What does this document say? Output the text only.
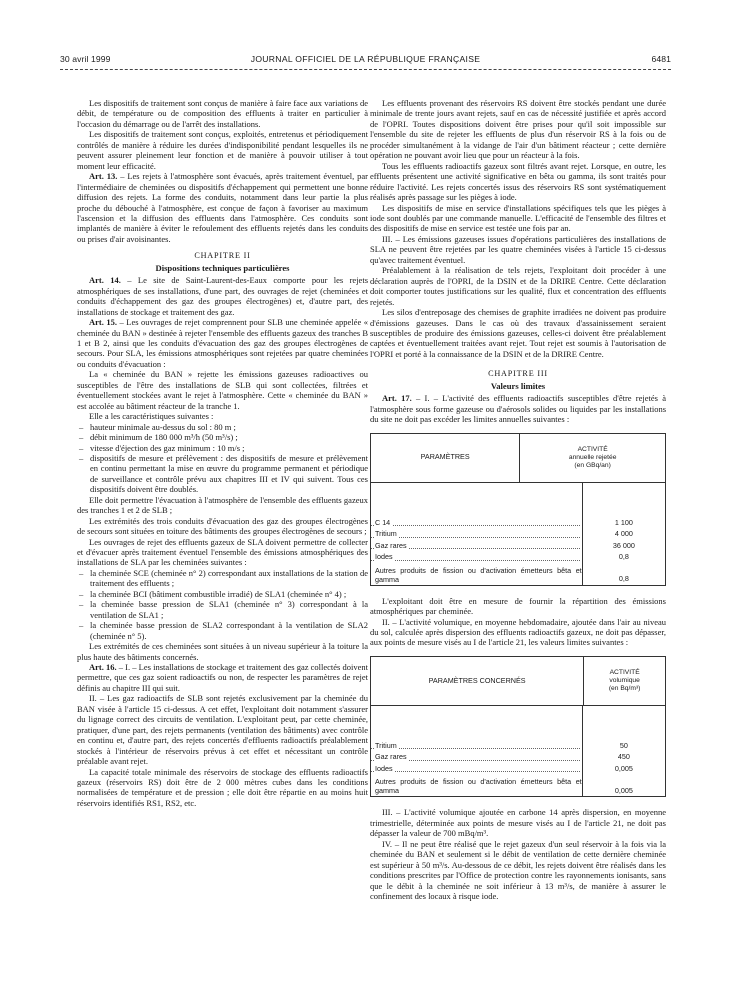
30 avril 1999	JOURNAL OFFICIEL DE LA RÉPUBLIQUE FRANÇAISE	6481

Les dispositifs de traitement sont conçus de manière à faire face aux variations de débit, de température ou de composition des effluents à traiter en particulier à l'occasion du démarrage ou de l'arrêt des installations.

Les dispositifs de traitement sont conçus, exploités, entretenus et périodiquement contrôlés de manière à réduire les durées d'indisponibilité pendant lesquelles ils ne peuvent assurer pleinement leur fonction et de manière à pouvoir utiliser à tout moment leur efficacité.

Art. 13. – Les rejets à l'atmosphère sont évacués, après traitement éventuel, par l'intermédiaire de cheminées ou dispositifs d'échappement qui permettent une bonne diffusion des rejets. La forme des conduits, notamment dans leur partie la plus proche du débouché à l'atmosphère, est conçue de façon à favoriser au maximum l'ascension et la diffusion des effluents dans l'atmosphère. Ces conduits sont implantés de manière à éviter le refoulement des effluents rejetés dans les conduits ou prises d'air avoisinantes.

CHAPITRE II
Dispositions techniques particulières

Art. 14. – Le site de Saint-Laurent-des-Eaux comporte pour les rejets atmosphériques de ses installations, d'une part, des ouvrages de rejet (cheminées et conduits d'échappement des gaz des groupes électrogènes) et, d'autre part, des installations de stockage et traitement des gaz.

Art. 15. – Les ouvrages de rejet comprennent pour SLB une cheminée appelée « cheminée du BAN » destinée à rejeter l'ensemble des effluents gazeux des tranches B 1 et B 2, ainsi que les conduits d'évacuation des gaz des groupes électrogènes de secours. Pour SLA, les émissions atmosphériques sont rejetées par quatre cheminées ou conduits d'évacuation :

La « cheminée du BAN » rejette les émissions gazeuses radioactives ou susceptibles de l'être des installations de SLB qui sont collectées, filtrées et éventuellement stockées avant le rejet à l'atmosphère. Cette « cheminée du BAN » est accolée au bâtiment réacteur de la tranche 1.

Elle a les caractéristiques suivantes :

– hauteur minimale au-dessus du sol : 80 m ;
– débit minimum de 180 000 m³/h (50 m³/s) ;
– vitesse d'éjection des gaz minimum : 10 m/s ;
– dispositifs de mesure et prélèvement : des dispositifs de mesure et prélèvement en continu permettant la mise en œuvre du programme permanent et périodique de surveillance et contrôle prévu aux chapitres III et IV qui suivent. Tous ces dispositifs doivent être doublés.

Elle doit permettre l'évacuation à l'atmosphère de l'ensemble des effluents gazeux des tranches 1 et 2 de SLB ;

Les extrémités des trois conduits d'évacuation des gaz des groupes électrogènes de secours sont situées en toiture des bâtiments des groupes électrogènes de secours ;

Les ouvrages de rejet des effluents gazeux de SLA doivent permettre de collecter et d'évacuer après traitement éventuel l'ensemble des émissions atmosphériques des installations de SLA par les cheminées suivantes :

– la cheminée SCE (cheminée n° 2) correspondant aux installations de la station de traitement des effluents ;
– la cheminée BCI (bâtiment combustible irradié) de SLA1 (cheminée n° 4) ;
– la cheminée basse pression de SLA1 (cheminée n° 3) correspondant à la ventilation de SLA1 ;
– la cheminée basse pression de SLA2 correspondant à la ventilation de SLA2 (cheminée n° 5).

Les extrémités de ces cheminées sont situées à un niveau supérieur à la toiture la plus haute des bâtiments concernés.

Art. 16. – I. – Les installations de stockage et traitement des gaz collectés doivent permettre, que ces gaz soient radioactifs ou non, de respecter les paramètres de rejet définis au chapitre III qui suit.

II. – Les gaz radioactifs de SLB sont rejetés exclusivement par la cheminée du BAN visée à l'article 15 ci-dessus. A cet effet, l'exploitant doit notamment s'assurer du lignage correct des circuits de ventilation. L'exploitant peut, par cette cheminée, pratiquer, d'une part, des rejets permanents (ventilation des bâtiments) avec contrôle en continu et, d'autre part, des rejets concertés d'effluents radioactifs préalablement stockés à l'intérieur de réservoirs prévus à cet effet et nécessitant un contrôle préalable avant rejet.

La capacité totale minimale des réservoirs de stockage des effluents radioactifs gazeux (réservoirs RS) doit être de 2 000 mètres cubes dans les conditions normalisées de température et de pression ; elle doit être répartie en au moins huit réservoirs identifiés RS1, RS2, etc.

Les effluents provenant des réservoirs RS doivent être stockés pendant une durée minimale de trente jours avant rejets, sauf en cas de nécessité justifiée et après accord de l'OPRI. Toutes dispositions doivent être prises pour qu'il soit impossible sur l'ensemble du site de rejeter les effluents de plus d'un réservoir RS à la fois ou de procéder simultanément à la vidange de l'air d'un bâtiment réacteur ; cette dernière opération ne pouvant avoir lieu que pour un réacteur à la fois.

Tous les effluents radioactifs gazeux sont filtrés avant rejet. Lorsque, en outre, les effluents présentent une activité significative en bêta ou gamma, ils sont traités pour réduire l'activité. Les rejets concertés issus des réservoirs RS sont systématiquement réalisés après passage sur les pièges à iode.

Les dispositifs de mise en service d'installations spécifiques tels que les pièges à iode sont doublés par une commande manuelle. L'efficacité de l'ensemble des filtres et des dispositifs de mise en service est testée une fois par an.

III. – Les émissions gazeuses issues d'opérations particulières des installations de SLA ne peuvent être rejetées par les quatre cheminées visées à l'article 15 ci-dessus qu'avec traitement éventuel.

Préalablement à la réalisation de tels rejets, l'exploitant doit procéder à une déclaration auprès de l'OPRI, de la DSIN et de la DRIRE Centre. Cette déclaration doit comporter toutes justifications sur les qualité, flux et concentration des effluents rejetés.

Les silos d'entreposage des chemises de graphite irradiées ne doivent pas produire d'émissions gazeuses. Dans le cas où des travaux d'assainissement seraient susceptibles de produire des émissions gazeuses, celles-ci doivent être préalablement captées et éventuellement traitées avant rejet. Tout rejet est soumis à l'autorisation de l'OPRI et porté à la connaissance de la DSIN et de la DRIRE Centre.

CHAPITRE III
Valeurs limites

Art. 17. – I. – L'activité des effluents radioactifs susceptibles d'être rejetés à l'atmosphère sous forme gazeuse ou d'aérosols solides ou liquides par les installations du site ne doit pas excéder les limites annuelles suivantes :

PARAMÈTRES	
ACTIVITÉ
annuelle rejetée
(en GBq/an)

C 14	1 100
Tritium	4 000
Gaz rares	36 000
Iodes	0,8
Autres produits de fission ou d'activation émetteurs bêta et gamma	0,8

L'exploitant doit être en mesure de fournir la répartition des émissions atmosphériques par cheminée.

II. – L'activité volumique, en moyenne hebdomadaire, ajoutée dans l'air au niveau du sol, calculée après dispersion des effluents radioactifs gazeux, ne doit pas dépasser, aux points de mesure visés au I de l'article 21, les valeurs limites suivantes :

PARAMÈTRES CONCERNÉS	
ACTIVITÉ
volumique
(en Bq/m³)

Tritium	50
Gaz rares	450
Iodes	0,005
Autres produits de fission ou d'activation émetteurs bêta et gamma	0,005

III. – L'activité volumique ajoutée en carbone 14 après dispersion, en moyenne trimestrielle, déterminée aux points de mesure visés au I de l'article 21, ne doit pas dépasser la valeur de 700 mBq/m³.

IV. – Il ne peut être réalisé que le rejet gazeux d'un seul réservoir à la fois via la cheminée du BAN et seulement si le débit de ventilation de cette dernière cheminée est supérieur à 50 m³/s. Au-dessous de ce débit, les rejets doivent être réalisés dans les conditions prescrites par l'Office de protection contre les rayonnements ionisants, sans que le débit à la cheminée ne soit inférieur à 13 m³/s, de manière à assurer le confinement des locaux à risque iode.
